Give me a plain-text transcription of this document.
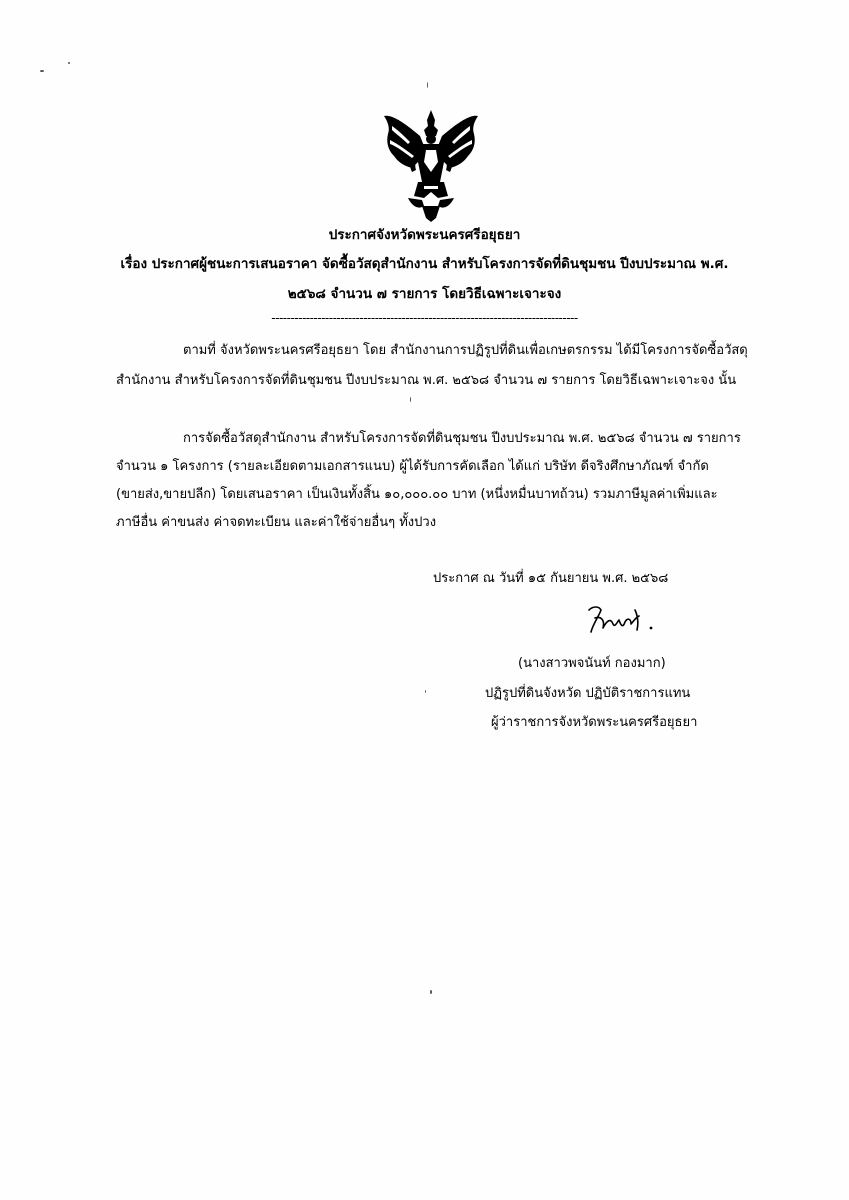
ประกาศจังหวัดพระนครศรีอยุธยา
เรื่อง ประกาศผู้ชนะการเสนอราคา จัดซื้อวัสดุสำนักงาน สำหรับโครงการจัดที่ดินชุมชน ปีงบประมาณ พ.ศ.
๒๕๖๘ จำนวน ๗ รายการ โดยวิธีเฉพาะเจาะจง
--------------------------------------------------------------------------------
ตามที่ จังหวัดพระนครศรีอยุธยา โดย สำนักงานการปฏิรูปที่ดินเพื่อเกษตรกรรม ได้มีโครงการจัดซื้อวัสดุ
สำนักงาน สำหรับโครงการจัดที่ดินชุมชน ปีงบประมาณ พ.ศ. ๒๕๖๘ จำนวน ๗ รายการ โดยวิธีเฉพาะเจาะจง นั้น
การจัดซื้อวัสดุสำนักงาน สำหรับโครงการจัดที่ดินชุมชน ปีงบประมาณ พ.ศ. ๒๕๖๘ จำนวน ๗ รายการ
จำนวน ๑ โครงการ (รายละเอียดตามเอกสารแนบ) ผู้ได้รับการคัดเลือก ได้แก่ บริษัท ดีจริงศึกษาภัณฑ์ จำกัด
(ขายส่ง,ขายปลีก) โดยเสนอราคา เป็นเงินทั้งสิ้น ๑๐,๐๐๐.๐๐ บาท (หนึ่งหมื่นบาทถ้วน) รวมภาษีมูลค่าเพิ่มและ
ภาษีอื่น ค่าขนส่ง ค่าจดทะเบียน และค่าใช้จ่ายอื่นๆ ทั้งปวง
ประกาศ ณ วันที่ ๑๕ กันยายน พ.ศ. ๒๕๖๘
(นางสาวพจนันท์ กองมาก)
ปฏิรูปที่ดินจังหวัด ปฏิบัติราชการแทน
ผู้ว่าราชการจังหวัดพระนครศรีอยุธยา
